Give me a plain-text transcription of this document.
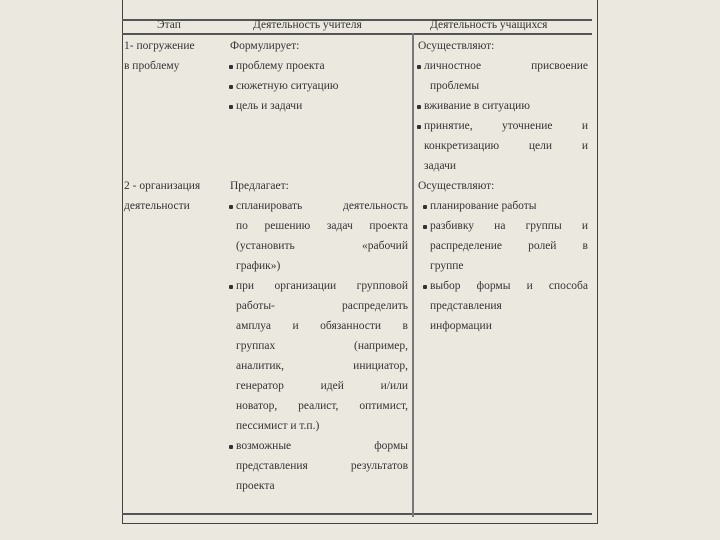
Этап	Деятельность учителя	Деятельность учащихся
1- погружение
в проблему
Формулирует:
проблему проекта
сюжетную ситуацию
цель и задачи
Осуществляют:
личностное присвоение
проблемы
вживание в ситуацию
принятие, уточнение и
конкретизацию цели и
задачи
2 - организация
деятельности
Предлагает:
спланировать деятельность
по решению задач проекта
(установить «рабочий
график»)
при организации групповой
работы- распределить
амплуа и обязанности в
группах (например,
аналитик, инициатор,
генератор идей и/или
новатор, реалист, оптимист,
пессимист и т.п.)
возможные формы
представления результатов
проекта
Осуществляют:
планирование работы
разбивку на группы и
распределение ролей в
группе
выбор формы и способа
представления
информации
